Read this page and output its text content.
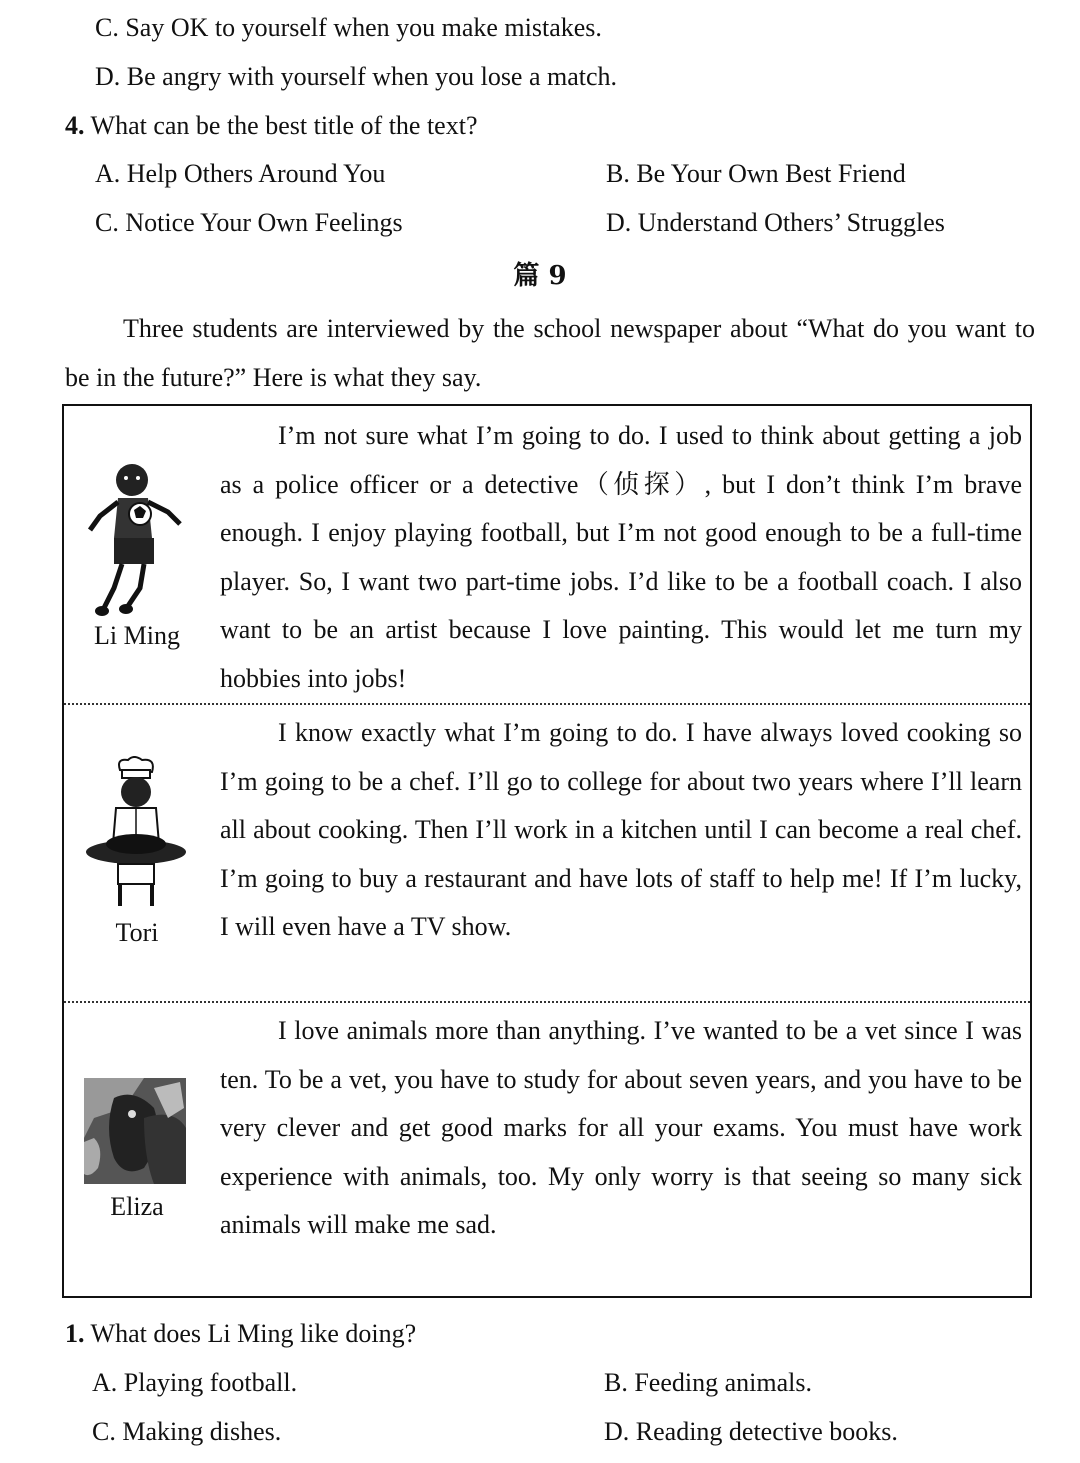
C. Say OK to yourself when you make mistakes.
D. Be angry with yourself when you lose a match.
4. What can be the best title of the text?
A. Help Others Around You	B. Be Your Own Best Friend
C. Notice Your Own Feelings	D. Understand Others’ Struggles
篇 9
Three students are interviewed by the school newspaper about “What do you want to be in the future?” Here is what they say.
Li Ming
I’m not sure what I’m going to do. I used to think about getting a job as a police officer or a detective（侦探）, but I don’t think I’m brave enough. I enjoy playing football, but I’m not good enough to be a full-time player. So, I want two part-time jobs. I’d like to be a football coach. I also want to be an artist because I love painting. This would let me turn my hobbies into jobs!
Tori
I know exactly what I’m going to do. I have always loved cooking so I’m going to be a chef. I’ll go to college for about two years where I’ll learn all about cooking. Then I’ll work in a kitchen until I can become a real chef. I’m going to buy a restaurant and have lots of staff to help me! If I’m lucky, I will even have a TV show.
Eliza
I love animals more than anything. I’ve wanted to be a vet since I was ten. To be a vet, you have to study for about seven years, and you have to be very clever and get good marks for all your exams. You must have work experience with animals, too. My only worry is that seeing so many sick animals will make me sad.
1. What does Li Ming like doing?
A. Playing football.	B. Feeding animals.
C. Making dishes.	D. Reading detective books.
